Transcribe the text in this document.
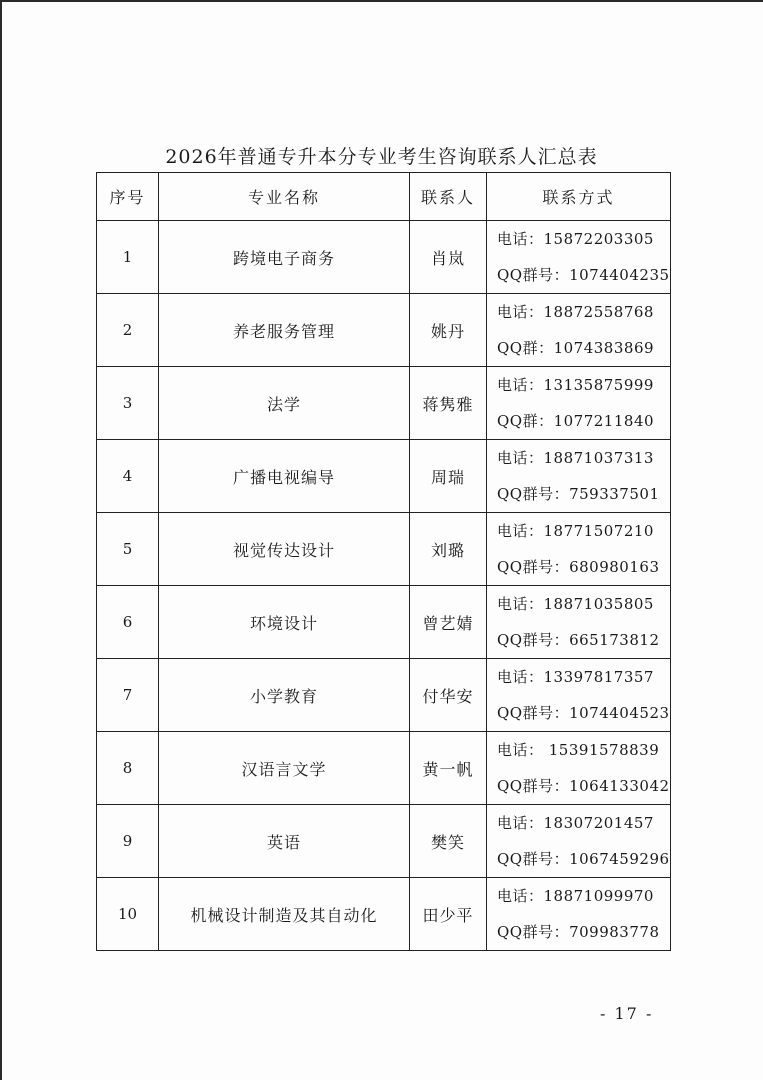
2026年普通专升本分专业考生咨询联系人汇总表
序号	专业名称	联系人	联系方式
1	跨境电子商务	肖岚	电话：15872203305
QQ群号：1074404235

2	养老服务管理	姚丹	电话：18872558768
QQ群：1074383869

3	法学	蒋隽雅	电话：13135875999
QQ群：1077211840

4	广播电视编导	周瑞	电话：18871037313
QQ群号：759337501

5	视觉传达设计	刘璐	电话：18771507210
QQ群号：680980163

6	环境设计	曾艺婧	电话：18871035805
QQ群号：665173812

7	小学教育	付华安	电话：13397817357
QQ群号：1074404523

8	汉语言文学	黄一帆	电话： 15391578839
QQ群号：1064133042

9	英语	樊笑	电话：18307201457
QQ群号：1067459296

10	机械设计制造及其自动化	田少平	电话：18871099970
QQ群号：709983778
- 17 -
